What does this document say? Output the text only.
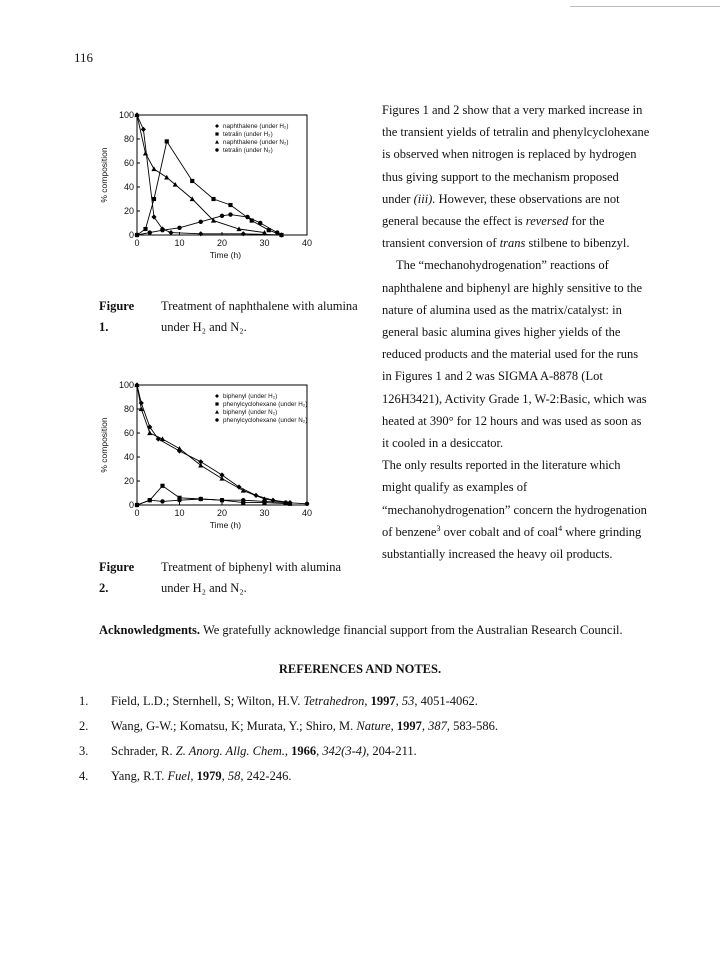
116
0
20
40
60
80
100
0	10	20	30	40
Time (h)
% composition
naphthalene (under H₂)
tetralin (under H₂)
naphthalene (under N₂)
tetralin (under N₂)
Figure 1.
Treatment of naphthalene with alumina under H₂ and N₂.
0
20
40
60
80
100
0	10	20	30	40
Time (h)
% composition
biphenyl (under H₂)
phenylcyclohexane (under H₂)
biphenyl (under N₂)
phenylcyclohexane (under N₂)
Figure 2.
Treatment of biphenyl with alumina under H₂ and N₂.

Figures 1 and 2 show that a very marked increase in the transient yields of tetralin and phenylcyclohexane is observed when nitrogen is replaced by hydrogen thus giving support to the mechanism proposed under (iii). However, these observations are not general because the effect is reversed for the transient conversion of trans stilbene to bibenzyl.

The “mechanohydrogenation” reactions of naphthalene and biphenyl are highly sensitive to the nature of alumina used as the matrix/catalyst: in general basic alumina gives higher yields of the reduced products and the material used for the runs in Figures 1 and 2 was SIGMA A-8878 (Lot 126H3421), Activity Grade 1, W-2:Basic, which was heated at 390° for 12 hours and was used as soon as it cooled in a desiccator.

The only results reported in the literature which might qualify as examples of “mechanohydrogenation” concern the hydrogenation of benzene$^3$ over cobalt and of coal$^4$ where grinding substantially increased the heavy oil products.

Acknowledgments. We gratefully acknowledge financial support from the Australian Research Council.
REFERENCES AND NOTES.
1. Field, L.D.; Sternhell, S; Wilton, H.V. Tetrahedron, 1997, 53, 4051-4062.
2. Wang, G-W.; Komatsu, K; Murata, Y.; Shiro, M. Nature, 1997, 387, 583-586.
3. Schrader, R. Z. Anorg. Allg. Chem., 1966, 342(3-4), 204-211.
4. Yang, R.T. Fuel, 1979, 58, 242-246.
